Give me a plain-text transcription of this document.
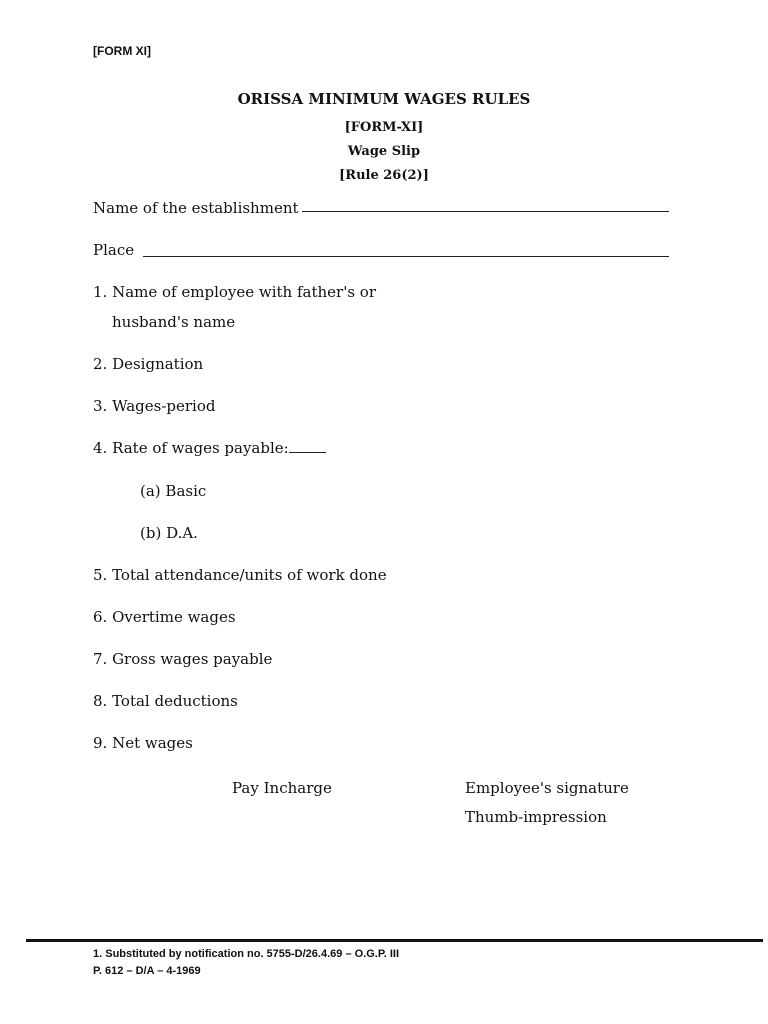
[FORM XI]
ORISSA MINIMUM WAGES RULES
[FORM-XI]
Wage Slip
[Rule 26(2)]
Name of the establishment
Place
1. Name of employee with father's or
husband's name
2. Designation
3. Wages-period
4. Rate of wages payable:
(a) Basic
(b) D.A.
5. Total attendance/units of work done
6. Overtime wages
7. Gross wages payable
8. Total deductions
9. Net wages
Pay Incharge	Employee's signature
Thumb-impression
1. Substituted by notification no. 5755-D/26.4.69 – O.G.P. III
P. 612 – D/A – 4-1969
